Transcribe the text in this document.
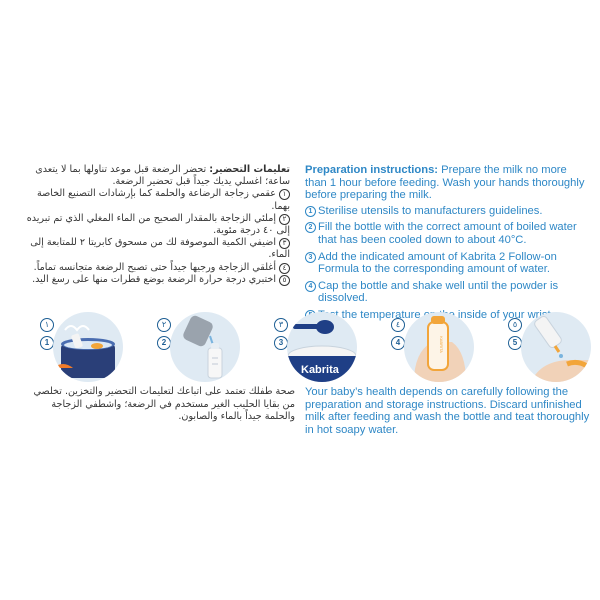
تعليمات التحضير: تحضر الرضعة قبل موعد تناولها بما لا يتعدى ساعة؛ اغسلي يديك جيداً قبل تحضير الرضعة.
١عقمي زجاجة الرضاعة والحلمة كما بإرشادات التصنيع الخاصة بهما.
٢إملئي الزجاجة بالمقدار الصحيح من الماء المغلي الذي تم تبريده إلى ٤٠ درجة مئوية.
٣اضيفي الكمية الموصوفة لك من مسحوق كابريتا ٢ للمتابعة إلى الماء.
٤أغلقي الزجاجة ورجيها جيداً حتى تصبح الرضعة متجانسه تماماً.
٥اختبري درجة حرارة الرضعة بوضع قطرات منها على رسغ اليد.

Preparation instructions: Prepare the milk no more than 1 hour before feeding. Wash your hands thoroughly before preparing the milk.

1 Sterilise utensils to manufacturers guidelines.
2 Fill the bottle with the correct amount of boiled water that has been cooled down to about 40°C.
3 Add the indicated amount of Kabrita 2 Follow-on Formula to the corresponding amount of water.
4 Cap the bottle and shake well until the powder is dissolved.
the temperature inside of your
١
1
٢
2
٣
3
Kabrita
٤
4	KABRITA
٥
5
صحة طفلك تعتمد على اتباعك لتعليمات التحضير والتخزين. تخلصي من بقايا الحليب الغير مستخدم في الرضعة؛ واشطفي الزجاجة والحلمة جيداً بالماء والصابون.
Your baby’s health depends on carefully following the preparation and storage instructions. Discard unfinished milk after feeding and wash the bottle and teat thoroughly in hot soapy water.
